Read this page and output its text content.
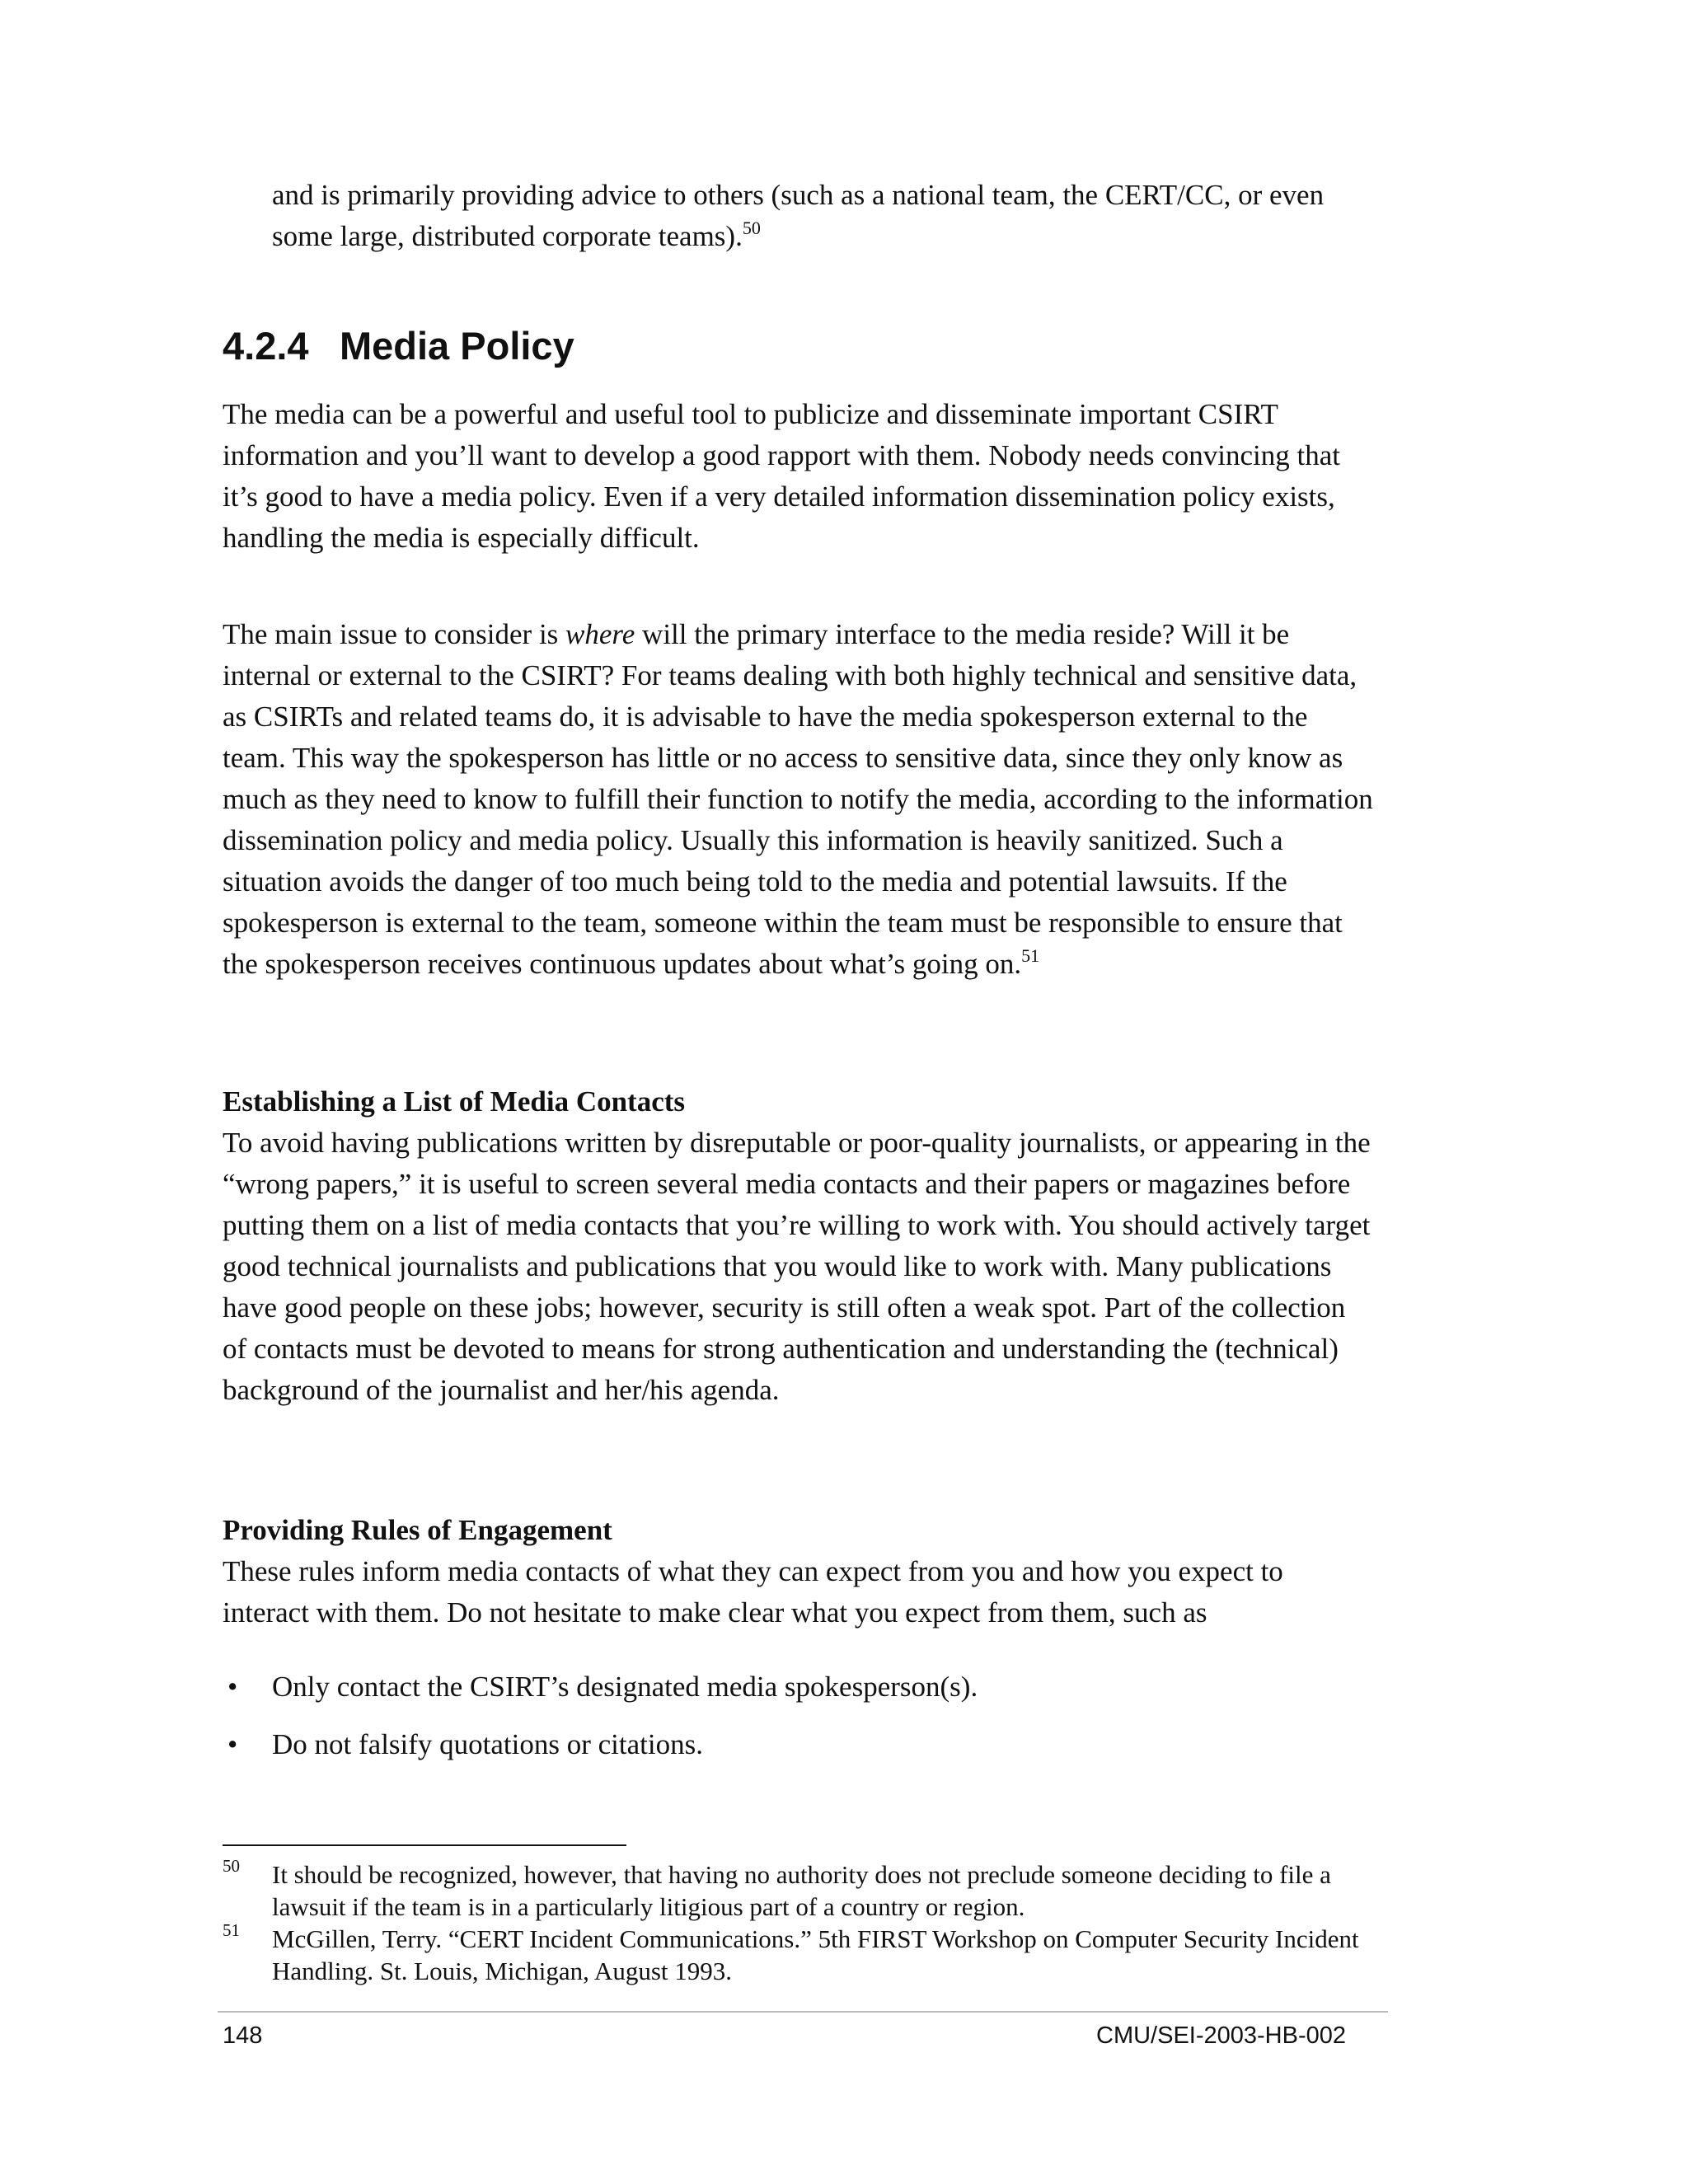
and is primarily providing advice to others (such as a national team, the CERT/CC, or even some large, distributed corporate teams).$^{50}$

4.2.4 Media Policy

The media can be a powerful and useful tool to publicize and disseminate important CSIRT information and you’ll want to develop a good rapport with them. Nobody needs convincing that it’s good to have a media policy. Even if a very detailed information dissemination policy exists, handling the media is especially difficult.

The main issue to consider is where will the primary interface to the media reside? Will it be internal or external to the CSIRT? For teams dealing with both highly technical and sensitive data, as CSIRTs and related teams do, it is advisable to have the media spokesperson external to the team. This way the spokesperson has little or no access to sensitive data, since they only know as much as they need to know to fulfill their function to notify the media, according to the information dissemination policy and media policy. Usually this information is heavily sanitized. Such a situation avoids the danger of too much being told to the media and potential lawsuits. If the spokesperson is external to the team, someone within the team must be responsible to ensure that the spokesperson receives continuous updates about what’s going on.$^{51}$

Establishing a List of Media Contacts

To avoid having publications written by disreputable or poor-quality journalists, or appearing in the “wrong papers,” it is useful to screen several media contacts and their papers or magazines before putting them on a list of media contacts that you’re willing to work with. You should actively target good technical journalists and publications that you would like to work with. Many publications have good people on these jobs; however, security is still often a weak spot. Part of the collection of contacts must be devoted to means for strong authentication and understanding the (technical) background of the journalist and her/his agenda.

Providing Rules of Engagement

These rules inform media contacts of what they can expect from you and how you expect to interact with them. Do not hesitate to make clear what you expect from them, such as

• Only contact the CSIRT’s designated media spokesperson(s).
• Do not falsify quotations or citations.
50 It should be recognized, however, that having no authority does not preclude someone deciding to file a lawsuit if the team is in a particularly litigious part of a country or region.
51 McGillen, Terry. “CERT Incident Communications.” 5th FIRST Workshop on Computer Security Incident Handling. St. Louis, Michigan, August 1993.
148	CMU/SEI-2003-HB-002
